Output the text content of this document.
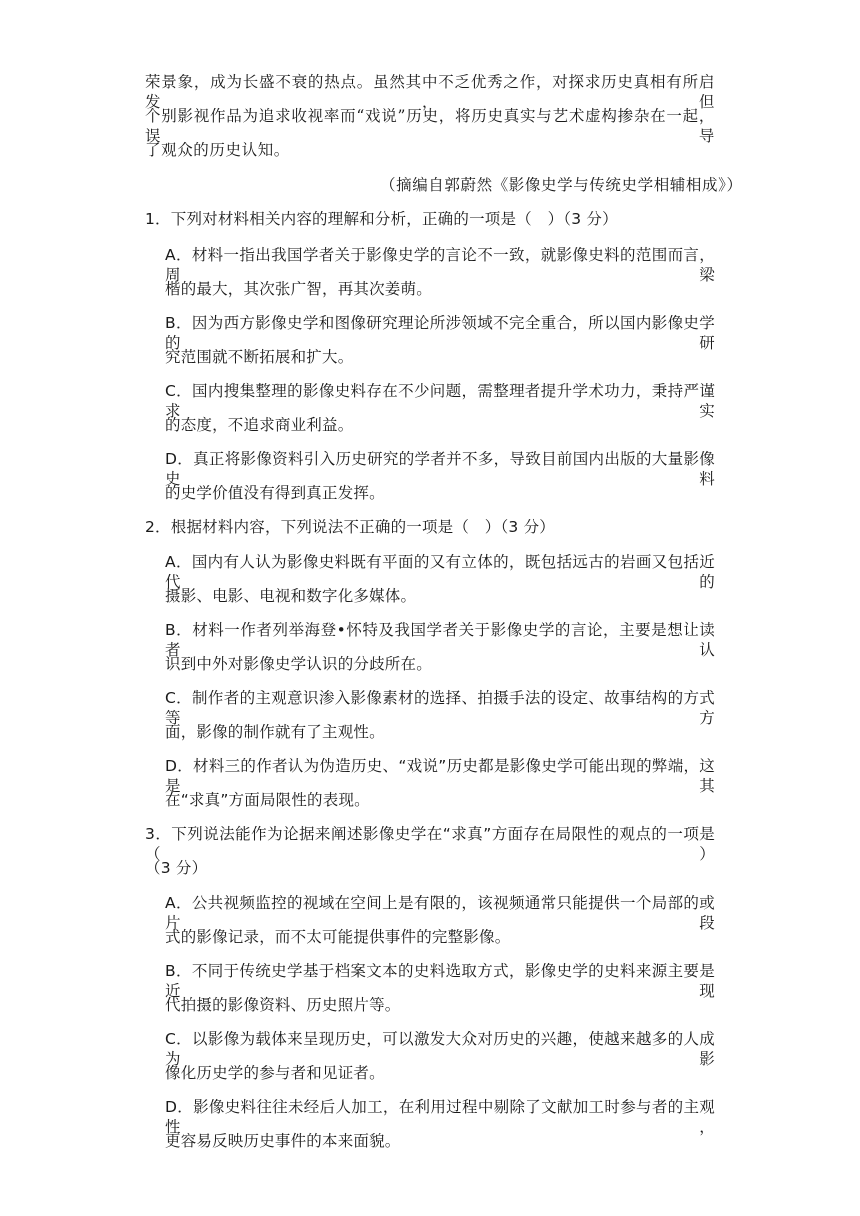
荣景象，成为长盛不衰的热点。虽然其中不乏优秀之作，对探求历史真相有所启发，但
个别影视作品为追求收视率而“戏说”历史，将历史真实与艺术虚构掺杂在一起，误导
了观众的历史认知。
（摘编自郭蔚然《影像史学与传统史学相辅相成》）
1．下列对材料相关内容的理解和分析，正确的一项是（　）（3 分）
A．材料一指出我国学者关于影像史学的言论不一致，就影像史料的范围而言，周梁
楷的最大，其次张广智，再其次姜萌。
B．因为西方影像史学和图像研究理论所涉领域不完全重合，所以国内影像史学的研
究范围就不断拓展和扩大。
C．国内搜集整理的影像史料存在不少问题，需整理者提升学术功力，秉持严谨求实
的态度，不追求商业利益。
D．真正将影像资料引入历史研究的学者并不多，导致目前国内出版的大量影像史料
的史学价值没有得到真正发挥。
2．根据材料内容，下列说法不正确的一项是（　）（3 分）
A．国内有人认为影像史料既有平面的又有立体的，既包括远古的岩画又包括近代的
摄影、电影、电视和数字化多媒体。
B．材料一作者列举海登•怀特及我国学者关于影像史学的言论，主要是想让读者认
识到中外对影像史学认识的分歧所在。
C．制作者的主观意识渗入影像素材的选择、拍摄手法的设定、故事结构的方式等方
面，影像的制作就有了主观性。
D．材料三的作者认为伪造历史、“戏说”历史都是影像史学可能出现的弊端，这是其
在“求真”方面局限性的表现。
3．下列说法能作为论据来阐述影像史学在“求真”方面存在局限性的观点的一项是（　）
（3 分）
A．公共视频监控的视域在空间上是有限的，该视频通常只能提供一个局部的或片段
式的影像记录，而不太可能提供事件的完整影像。
B．不同于传统史学基于档案文本的史料选取方式，影像史学的史料来源主要是近现
代拍摄的影像资料、历史照片等。
C．以影像为载体来呈现历史，可以激发大众对历史的兴趣，使越来越多的人成为影
像化历史学的参与者和见证者。
D．影像史料往往未经后人加工，在利用过程中剔除了文献加工时参与者的主观性，
更容易反映历史事件的本来面貌。
